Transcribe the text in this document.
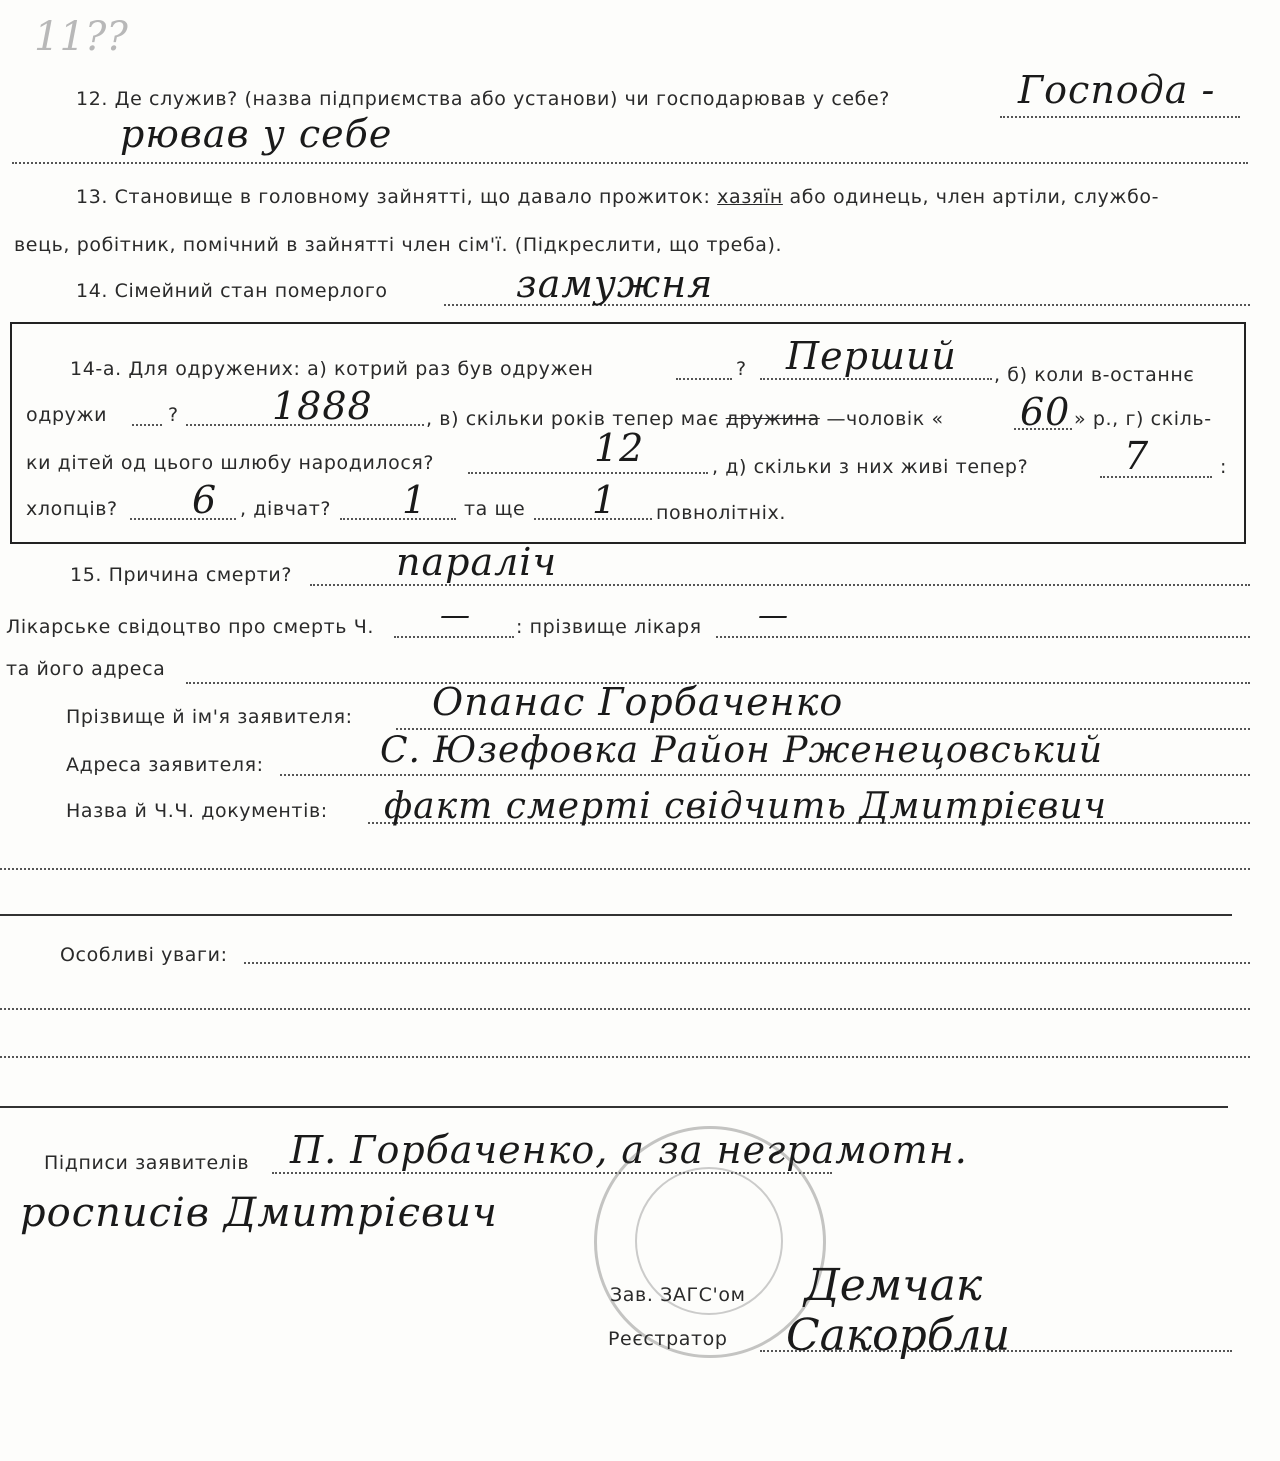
11??
12. Де служив? (назва підприємства або установи) чи господарював у себе?	Господа -
рював у себе
13. Становище в головному зайнятті, що давало прожиток: хазяїн або одинець, член артіли, службо-
вець, робітник, помічний в зайнятті член сім'ї. (Підкреслити, що треба).
14. Сімейний стан померлого	замужня
14-а. Для одружених: а) котрий раз був одружен	? Перший , б) коли в-останнє
одружи	? 1888	, в) скільки років тепер має дружина —чоловік « 60 » р., г) скіль-
ки дітей од цього шлюбу народилося?	12	, д) скільки з них живі тепер?	7	:
хлопців? 6 , дівчат? 1 та ще 1 повнолітніх.
15. Причина смерти?	параліч
Лікарське свідоцтво про смерть Ч. — : прізвище лікаря —
та його адреса
Прізвище й ім'я заявителя: Опанас Горбаченко
Адреса заявителя:	С. Юзефовка Район Рженецовський
Назва й Ч.Ч. документів: факт смерті свідчить Дмитрієвич
Особливі уваги:
Підписи заявителів П. Горбаченко, а за неграмотн.
росписів Дмитрієвич
Зав. ЗАГС'ом Демчак
Реєстратор Сакорбли
